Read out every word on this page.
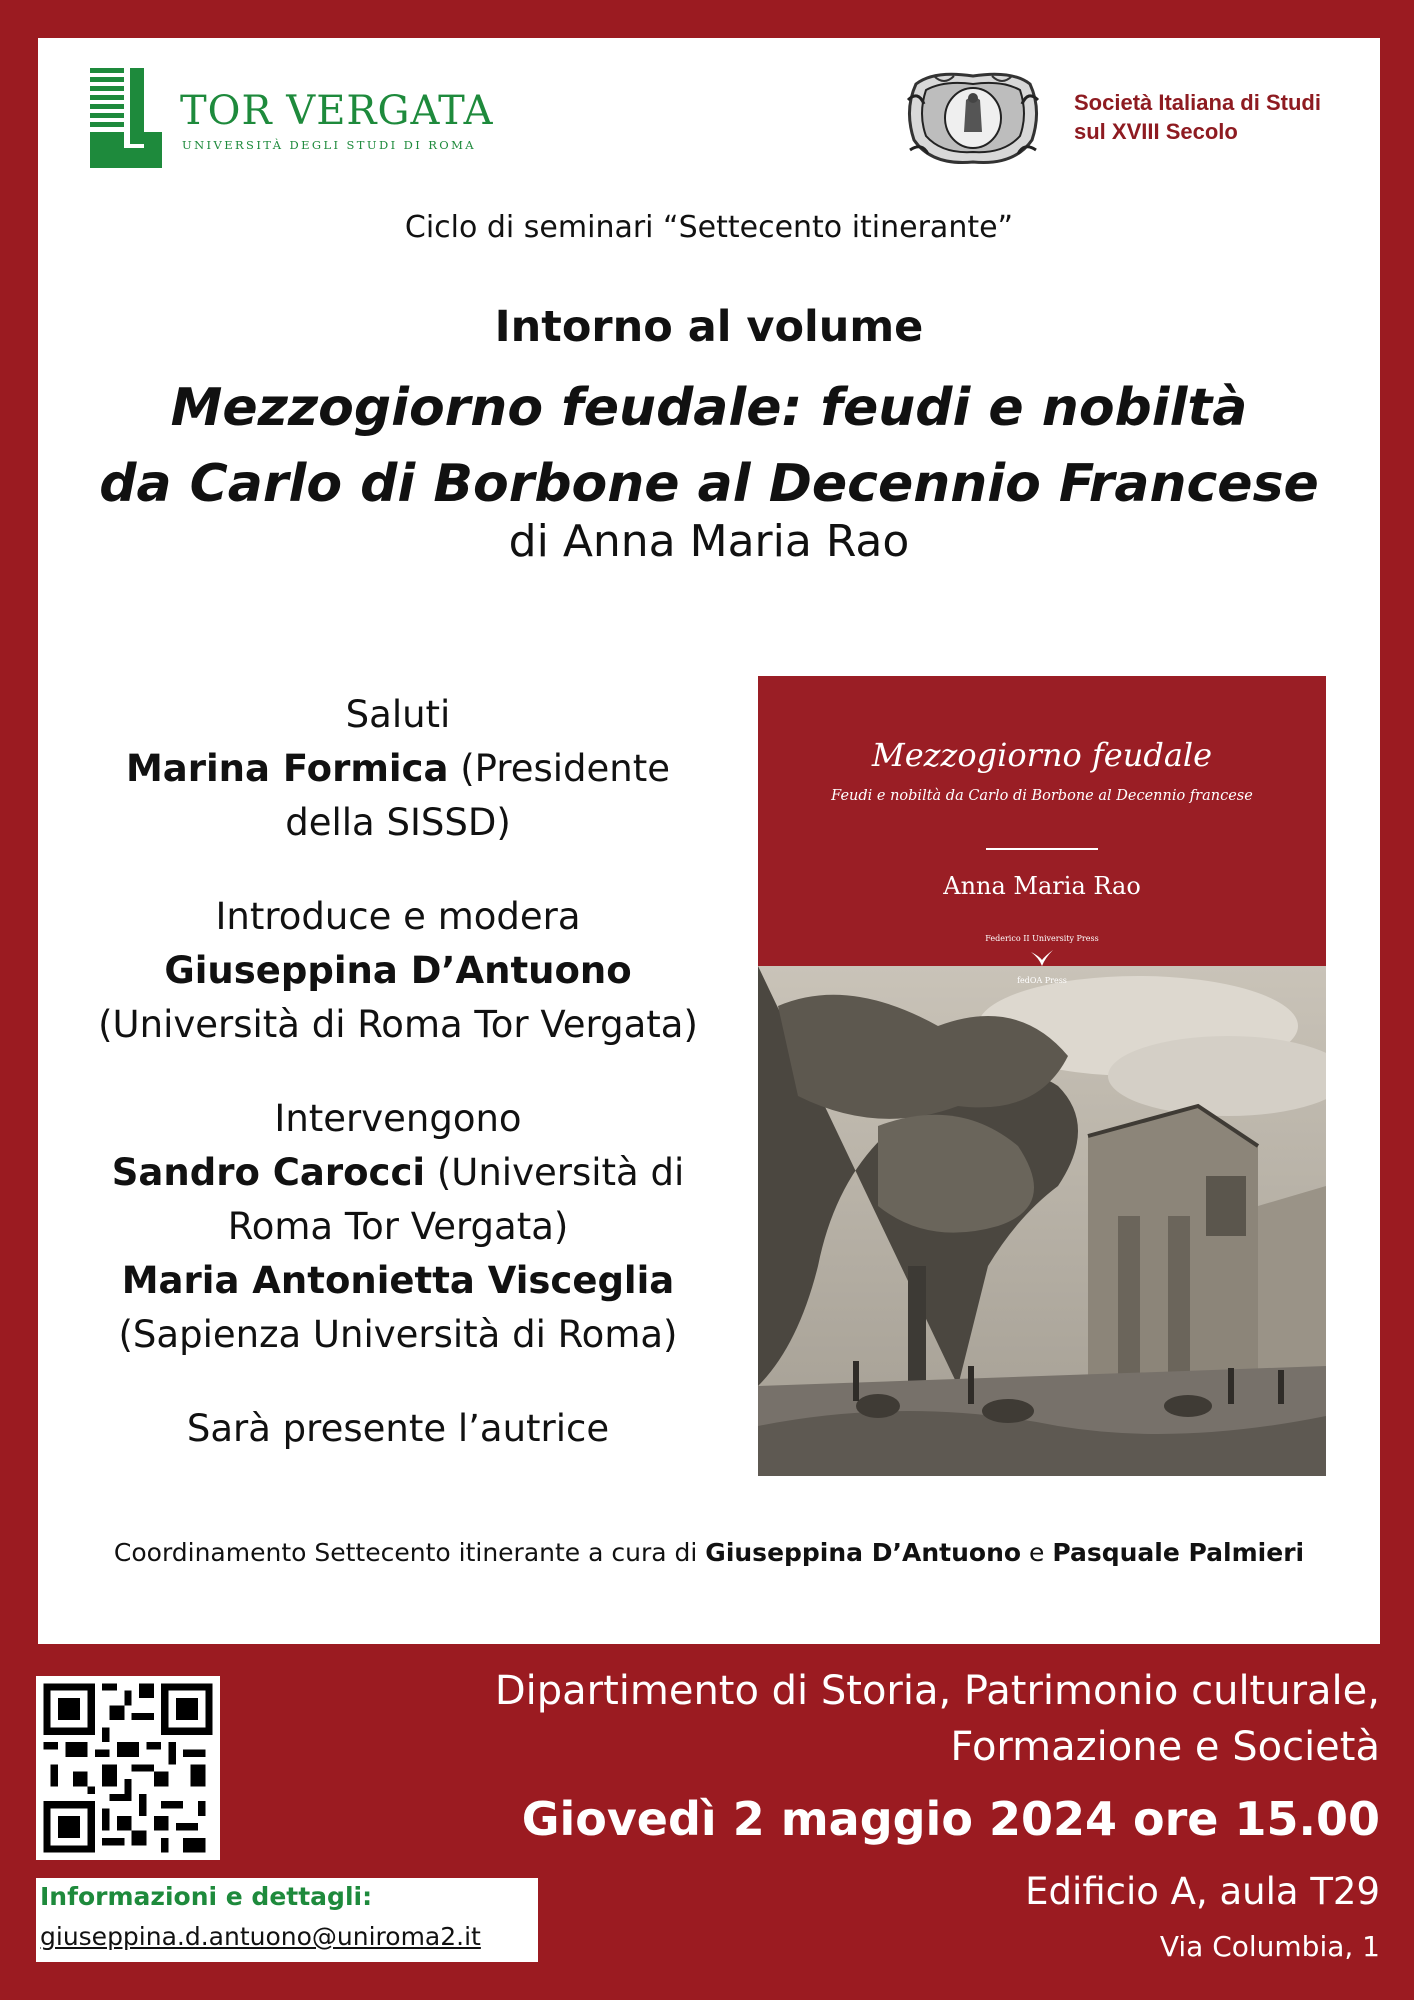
TOR VERGATA
UNIVERSITÀ DEGLI STUDI DI ROMA
Società Italiana di Studi
sul XVIII Secolo
Ciclo di seminari “Settecento itinerante”
Intorno al volume
Mezzogiorno feudale: feudi e nobiltà
da Carlo di Borbone al Decennio Francese
di Anna Maria Rao

Saluti

Marina Formica (Presidente

della SISSD)

Introduce e modera

Giuseppina D’Antuono

(Università di Roma Tor Vergata)

Intervengono

Sandro Carocci (Università di

Roma Tor Vergata)

Maria Antonietta Visceglia

(Sapienza Università di Roma)

Sarà presente l’autrice

Mezzogiorno feudale
Feudi e nobiltà da Carlo di Borbone al Decennio francese
Anna Maria Rao
Federico II University Press
fedOA Press
Coordinamento Settecento itinerante a cura di Giuseppina D’Antuono e Pasquale Palmieri
Informazioni e dettagli:
giuseppina.d.antuono@uniroma2.it
Dipartimento di Storia, Patrimonio culturale,
Formazione e Società
Giovedì 2 maggio 2024 ore 15.00
Edificio A, aula T29
Via Columbia, 1
